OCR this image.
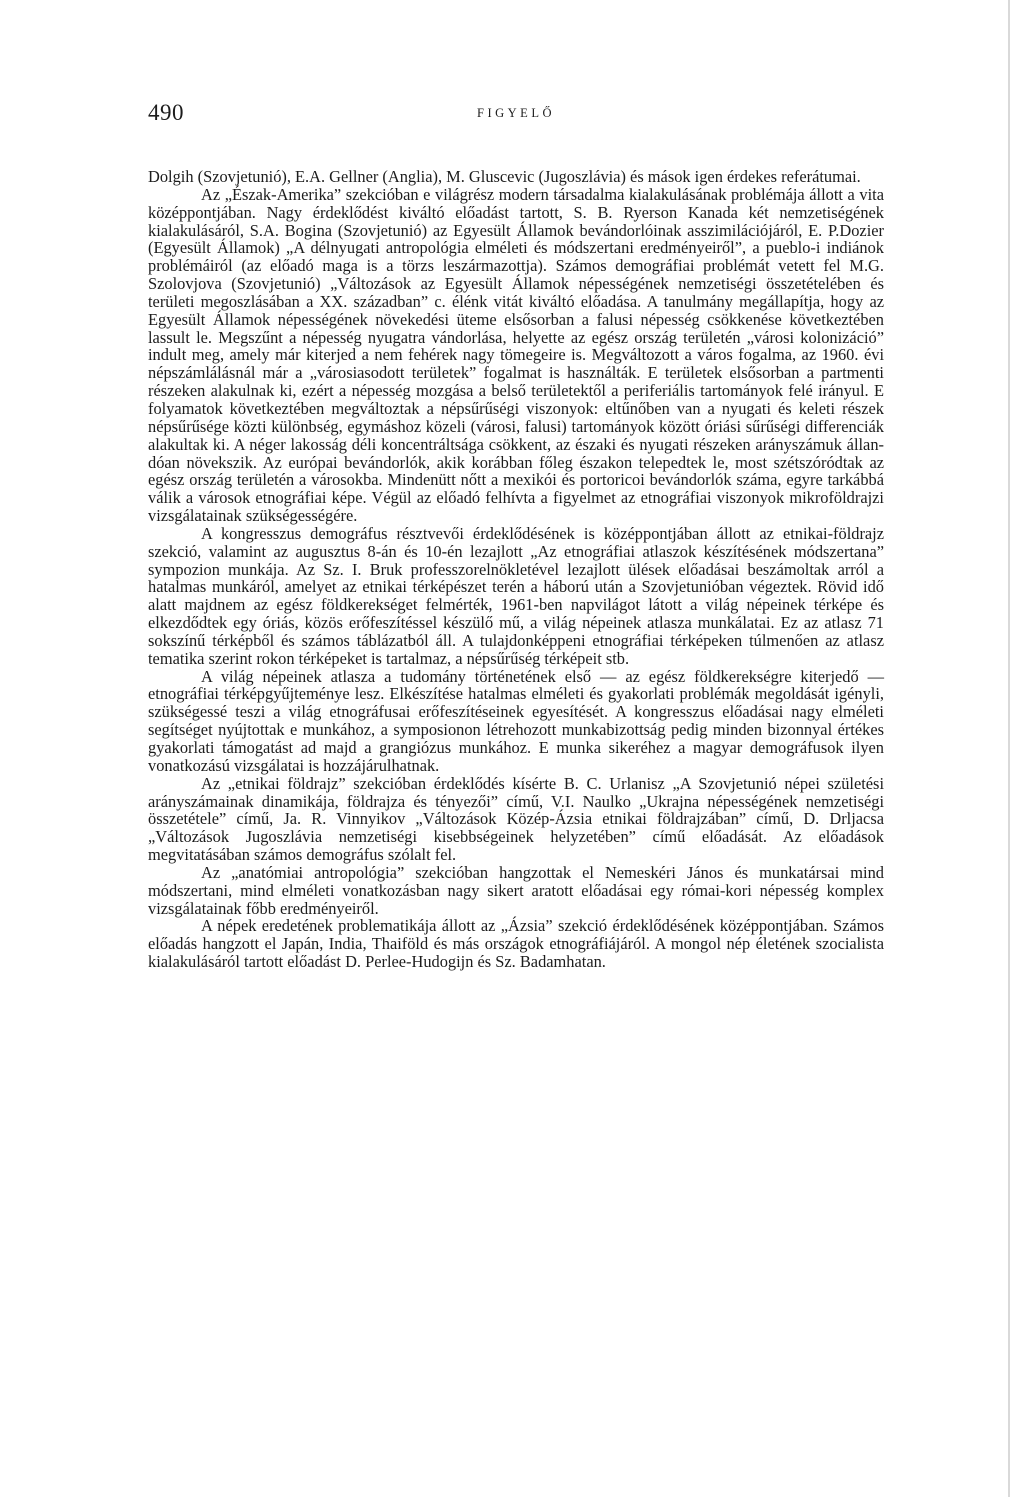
490	FIGYELŐ

Dolgih (Szovjetunió), E.A. Gellner (Anglia), M. Gluscevic (Jugoszlávia) és mások igen érdekes referátumai.

Az „Észak-Amerika” szekcióban e világrész modern társadalma kialakulásának problémája állott a vita középpontjában. Nagy érdeklődést kiváltó előadást tartott, S. B. Ryerson Kanada két nemzetiségének kialakulásáról, S.A. Bogina (Szovjetunió) az Egyesült Államok bevándorlóinak asszimilációjáról, E. P.Dozier (Egyesült Államok) „A délnyugati antropológia elméleti és módszertani eredményeiről”, a pueblo-i indiánok problémáiról (az előadó maga is a törzs leszármazottja). Számos demográfiai problémát vetett fel M.G. Szolovjova (Szovjetunió) „Változások az Egyesült Államok népességének nemzetiségi összetételében és területi megoszlásában a XX. században” c. élénk vitát kiváltó előadása. A tanulmány megállapítja, hogy az Egyesült Államok népességének növekedési üteme elsősorban a falusi népesség csökkenése következtében lassult le. Megszűnt a népesség nyugatra vándorlása, helyette az egész ország területén „városi kolonizáció” indult meg, amely már kiterjed a nem fehérek nagy tömegeire is. Megváltozott a város fogalma, az 1960. évi népszámlálásnál már a „városiasodott területek” fogalmat is használták. E területek elsősorban a partmenti részeken alakulnak ki, ezért a népesség mozgása a belső területektől a periferiális tartományok felé irányul. E folyamatok következtében megváltoztak a népsűrűségi viszonyok: eltűnőben van a nyugati és keleti részek népsűrűsége közti különbség, egymáshoz közeli (városi, falusi) tartományok között óriási sűrűségi differenciák alakultak ki. A néger lakosság déli koncentráltsága csökkent, az északi és nyugati részeken arányszámuk állandóan növekszik. Az európai bevándorlók, akik korábban főleg északon telepedtek le, most szétszóródtak az egész ország területén a városokba. Mindenütt nőtt a mexikói és portoricoi bevándorlók száma, egyre tarkábbá válik a városok etnográfiai képe. Végül az előadó felhívta a figyelmet az etnográfiai viszonyok mikroföldrajzi vizsgálatainak szükségességére.

A kongresszus demográfus résztvevői érdeklődésének is középpontjában állott az etnikai-földrajz szekció, valamint az augusztus 8-án és 10-én lezajlott „Az etnográfiai atlaszok készítésének módszertana” sympozion munkája. Az Sz. I. Bruk professzorelnökletével lezajlott ülések előadásai beszámoltak arról a hatalmas munkáról, amelyet az etnikai térképészet terén a háború után a Szovjetunióban végeztek. Rövid idő alatt majdnem az egész földkerekséget felmérték, 1961-ben napvilágot látott a világ népeinek térképe és elkezdődtek egy óriás, közös erőfeszítéssel készülő mű, a világ népeinek atlasza munkálatai. Ez az atlasz 71 sokszínű térképből és számos táblázatból áll. A tulajdonképpeni etnográfiai térképeken túlmenően az atlasz tematika szerint rokon térképeket is tartalmaz, a népsűrűség térképeit stb.

A világ népeinek atlasza a tudomány történetének első — az egész földkerekségre kiterjedő — etnográfiai térképgyűjteménye lesz. Elkészítése hatalmas elméleti és gyakorlati problémák megoldását igényli, szükségessé teszi a világ etnográfusai erőfeszítéseinek egyesítését. A kongresszus előadásai nagy elméleti segítséget nyújtottak e munkához, a symposionon létrehozott munkabizottság pedig minden bizonnyal értékes gyakorlati támogatást ad majd a grangiózus munkához. E munka sikeréhez a magyar demográfusok ilyen vonatkozású vizsgálatai is hozzájárulhatnak.

Az „etnikai földrajz” szekcióban érdeklődés kísérte B. C. Urlanisz „A Szovjetunió népei születési arányszámainak dinamikája, földrajza és tényezői” című, V.I. Naulko „Ukrajna népességének nemzetiségi összetétele” című, Ja. R. Vinnyikov „Változások Közép-Ázsia etnikai földrajzában” című, D. Drljacsa „Változások Jugoszlávia nemzetiségi kisebbségeinek helyzetében” című előadását. Az előadások megvitatásában számos demográfus szólalt fel.

Az „anatómiai antropológia” szekcióban hangzottak el Nemeskéri János és munkatársai mind módszertani, mind elméleti vonatkozásban nagy sikert aratott előadásai egy római-kori népesség komplex vizsgálatainak főbb eredményeiről.

A népek eredetének problematikája állott az „Ázsia” szekció érdeklődésének középpontjában. Számos előadás hangzott el Japán, India, Thaiföld és más országok etnográfiájáról. A mongol nép életének szocialista kialakulásáról tartott előadást D. Perlee-Hudogijn és Sz. Badamhatan.
